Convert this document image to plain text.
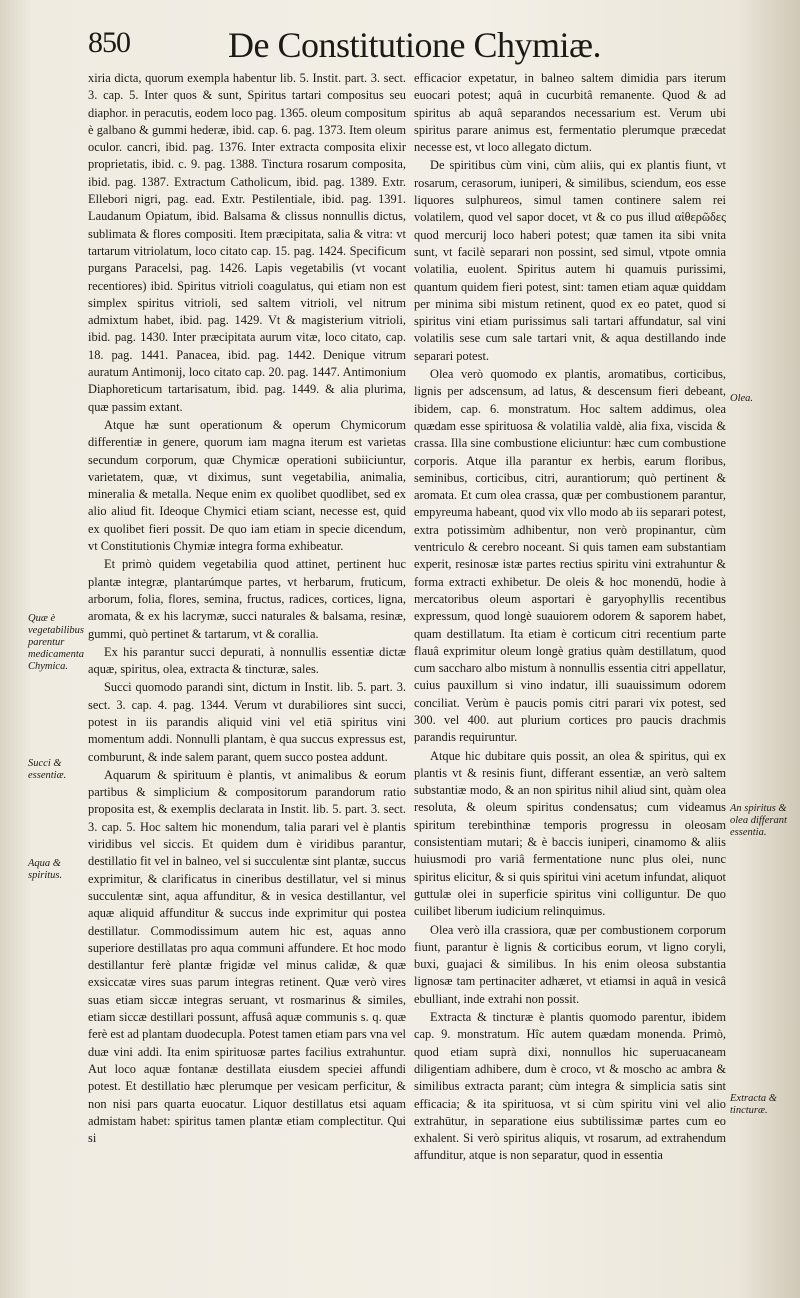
850	De Constitutione Chymiæ.

xiria dicta, quorum exempla habentur lib. 5. Instit. part. 3. sect. 3. cap. 5. Inter quos & sunt, Spiritus tartari compositus seu diaphor. in peracutis, eodem loco pag. 1365. oleum compositum è galbano & gummi hederæ, ibid. cap. 6. pag. 1373. Item oleum oculor. cancri, ibid. pag. 1376. Inter extracta composita elixir proprietatis, ibid. c. 9. pag. 1388. Tinctura rosarum composita, ibid. pag. 1387. Extractum Catholicum, ibid. pag. 1389. Extr. Ellebori nigri, pag. ead. Extr. Pestilentiale, ibid. pag. 1391. Laudanum Opiatum, ibid. Balsama & clissus nonnullis dictus, sublimata & flores compositi. Item præcipitata, salia & vitra: vt tartarum vitriolatum, loco citato cap. 15. pag. 1424. Specificum purgans Paracelsi, pag. 1426. Lapis vegetabilis (vt vocant recentiores) ibid. Spiritus vitrioli coagulatus, qui etiam non est simplex spiritus vitrioli, sed saltem vitrioli, vel nitrum admixtum habet, ibid. pag. 1429. Vt & magisterium vitrioli, ibid. pag. 1430. Inter præcipitata aurum vitæ, loco citato, cap. 18. pag. 1441. Panacea, ibid. pag. 1442. Denique vitrum auratum Antimonij, loco citato cap. 20. pag. 1447. Antimonium Diaphoreticum tartarisatum, ibid. pag. 1449. & alia plurima, quæ passim extant.

Atque hæ sunt operationum & operum Chymicorum differentiæ in genere, quorum iam magna iterum est varietas secundum corporum, quæ Chymicæ operationi subiiciuntur, varietatem, quæ, vt diximus, sunt vegetabilia, animalia, mineralia & metalla. Neque enim ex quolibet quodlibet, sed ex alio aliud fit. Ideoque Chymici etiam sciant, necesse est, quid ex quolibet fieri possit. De quo iam etiam in specie dicendum, vt Constitutionis Chymiæ integra forma exhibeatur.

Et primò quidem vegetabilia quod attinet, pertinent huc plantæ integræ, plantarúmque partes, vt herbarum, fruticum, arborum, folia, flores, semina, fructus, radices, cortices, ligna, aromata, & ex his lacrymæ, succi naturales & balsama, resinæ, gummi, quò pertinet & tartarum, vt & corallia.

Ex his parantur succi depurati, à nonnullis essentiæ dictæ aquæ, spiritus, olea, extracta & tincturæ, sales.

Succi quomodo parandi sint, dictum in Instit. lib. 5. part. 3. sect. 3. cap. 4. pag. 1344. Verum vt durabiliores sint succi, potest in iis parandis aliquid vini vel etiā spiritus vini momentum addi. Nonnulli plantam, è qua succus expressus est, comburunt, & inde salem parant, quem succo postea addunt.

Aquarum & spirituum è plantis, vt animalibus & eorum partibus & simplicium & compositorum parandorum ratio proposita est, & exemplis declarata in Instit. lib. 5. part. 3. sect. 3. cap. 5. Hoc saltem hic monendum, talia parari vel è plantis viridibus vel siccis. Et quidem dum è viridibus parantur, destillatio fit vel in balneo, vel si succulentæ sint plantæ, succus exprimitur, & clarificatus in cineribus destillatur, vel si minus succulentæ sint, aqua affunditur, & in vesica destillantur, vel aquæ aliquid affunditur & succus inde exprimitur qui postea destillatur. Commodissimum autem hic est, aquas anno superiore destillatas pro aqua communi affundere. Et hoc modo destillantur ferè plantæ frigidæ vel minus calidæ, & quæ exsiccatæ vires suas parum integras retinent. Quæ verò vires suas etiam siccæ integras seruant, vt rosmarinus & similes, etiam siccæ destillari possunt, affusâ aquæ communis s. q. quæ ferè est ad plantam duodecupla. Potest tamen etiam pars vna vel duæ vini addi. Ita enim spirituosæ partes facilius extrahuntur. Aut loco aquæ fontanæ destillata eiusdem speciei affundi potest. Et destillatio hæc plerumque per vesicam perficitur, & non nisi pars quarta euocatur. Liquor destillatus etsi aquam admistam habet: spiritus tamen plantæ etiam complectitur. Qui si

efficacior expetatur, in balneo saltem dimidia pars iterum euocari potest; aquâ in cucurbitâ remanente. Quod & ad spiritus ab aquâ separandos necessarium est. Verum ubi spiritus parare animus est, fermentatio plerumque præcedat necesse est, vt loco allegato dictum.

De spiritibus cùm vini, cùm aliis, qui ex plantis fiunt, vt rosarum, cerasorum, iuniperi, & similibus, sciendum, eos esse liquores sulphureos, simul tamen continere salem rei volatilem, quod vel sapor docet, vt & co pus illud αἰθερῶδες quod mercurij loco haberi potest; quæ tamen ita sibi vnita sunt, vt facilè separari non possint, sed simul, vtpote omnia volatilia, euolent. Spiritus autem hi quamuis purissimi, quantum quidem fieri potest, sint: tamen etiam aquæ quiddam per minima sibi mistum retinent, quod ex eo patet, quod si spiritus vini etiam purissimus sali tartari affundatur, sal vini volatilis sese cum sale tartari vnit, & aqua destillando inde separari potest.

Olea verò quomodo ex plantis, aromatibus, corticibus, lignis per adscensum, ad latus, & descensum fieri debeant, ibidem, cap. 6. monstratum. Hoc saltem addimus, olea quædam esse spirituosa & volatilia valdè, alia fixa, viscida & crassa. Illa sine combustione eliciuntur: hæc cum combustione corporis. Atque illa parantur ex herbis, earum floribus, seminibus, corticibus, citri, aurantiorum; quò pertinent & aromata. Et cum olea crassa, quæ per combustionem parantur, empyreuma habeant, quod vix vllo modo ab iis separari potest, extra potissimùm adhibentur, non verò propinantur, cùm ventriculo & cerebro noceant. Si quis tamen eam substantiam experit, resinosæ istæ partes rectius spiritu vini extrahuntur & forma extracti exhibetur. De oleis & hoc monendū, hodie à mercatoribus oleum asportari è garyophyllis recentibus expressum, quod longè suauiorem odorem & saporem habet, quam destillatum. Ita etiam è corticum citri recentium parte flauâ exprimitur oleum longè gratius quàm destillatum, quod cum saccharo albo mistum à nonnullis essentia citri appellatur, cuius pauxillum si vino indatur, illi suauissimum odorem conciliat. Verùm è paucis pomis citri parari vix potest, sed 300. vel 400. aut plurium cortices pro paucis drachmis parandis requiruntur.

Atque hic dubitare quis possit, an olea & spiritus, qui ex plantis vt & resinis fiunt, differant essentiæ, an verò saltem substantiæ modo, & an non spiritus nihil aliud sint, quàm olea resoluta, & oleum spiritus condensatus; cum videamus spiritum terebinthinæ temporis progressu in oleosam consistentiam mutari; & è baccis iuniperi, cinamomo & aliis huiusmodi pro variâ fermentatione nunc plus olei, nunc spiritus elicitur, & si quis spiritui vini acetum infundat, aliquot guttulæ olei in superficie spiritus vini colliguntur. De quo cuilibet liberum iudicium relinquimus.

Olea verò illa crassiora, quæ per combustionem corporum fiunt, parantur è lignis & corticibus eorum, vt ligno coryli, buxi, guajaci & similibus. In his enim oleosa substantia lignosæ tam pertinaciter adhæret, vt etiamsi in aquâ in vesicâ ebulliant, inde extrahi non possit.

Extracta & tincturæ è plantis quomodo parentur, ibidem cap. 9. monstratum. Hîc autem quædam monenda. Primò, quod etiam suprà dixi, nonnullos hic superuacaneam diligentiam adhibere, dum è croco, vt & moscho ac ambra & similibus extracta parant; cùm integra & simplicia satis sint efficacia; & ita spirituosa, vt si cùm spiritu vini vel alio extrahūtur, in separatione eius subtilissimæ partes cum eo exhalent. Si verò spiritus aliquis, vt rosarum, ad extrahendum affunditur, atque is non separatur, quod in essentia

Quæ è vegetabilibus parentur medicamenta Chymica.
Succi & essentiæ.
Aqua & spiritus.
Olea.
An spiritus & olea differant essentia.
Extracta & tincturæ.
